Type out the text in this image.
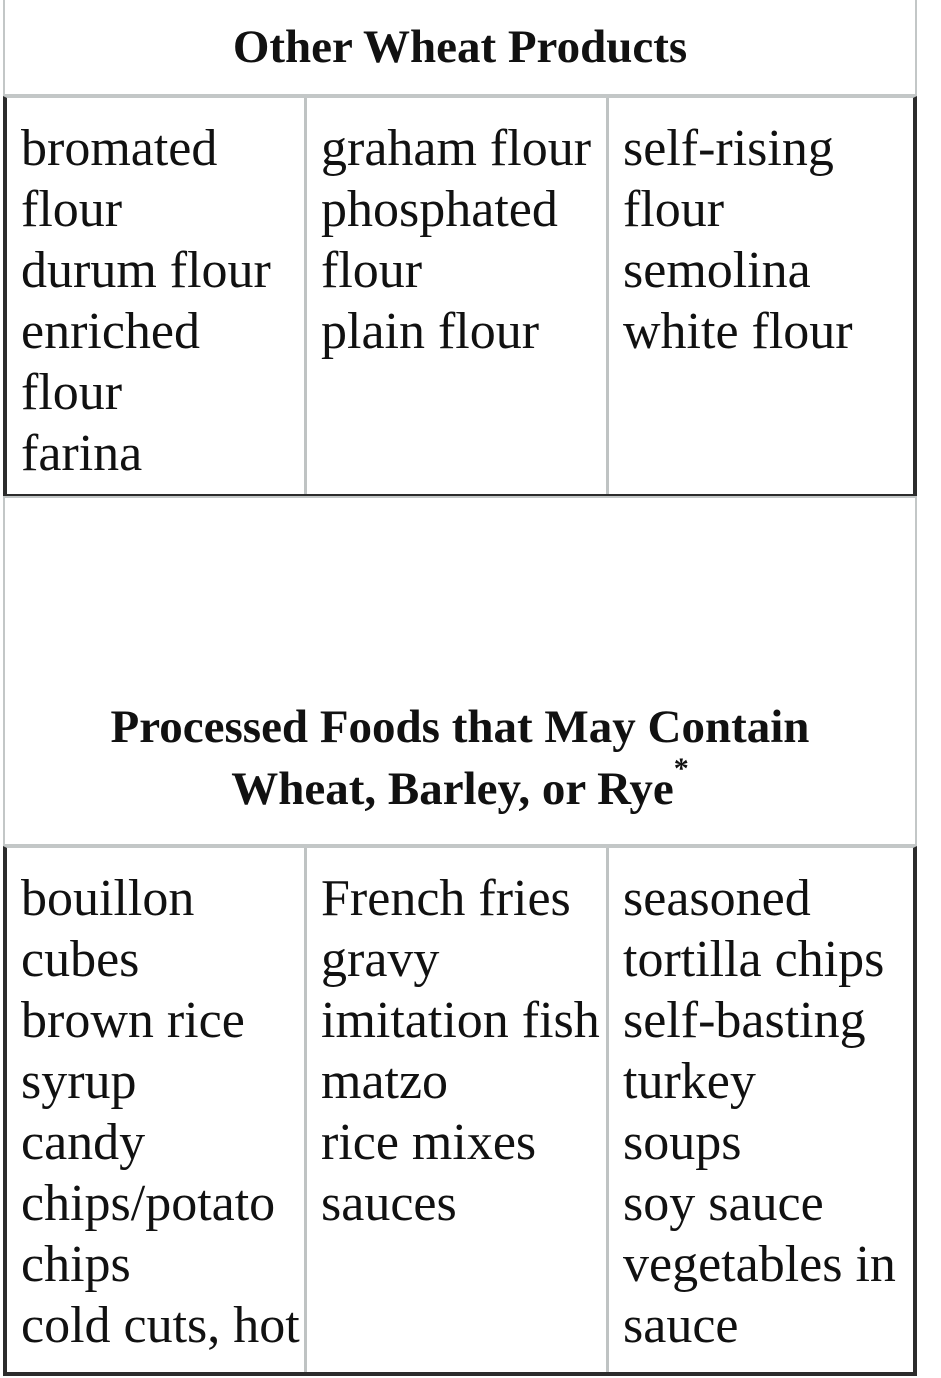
Other Wheat Products
bromated
flour
durum flour
enriched
flour
farina
graham flour
phosphated
flour
plain flour
self-rising
flour
semolina
white flour
Processed Foods that May Contain
Wheat, Barley, or Rye*
bouillon
cubes
brown rice
syrup
candy
chips/potato
chips
cold cuts, hot
French fries
gravy
imitation fish
matzo
rice mixes
sauces
seasoned
tortilla chips
self-basting
turkey
soups
soy sauce
vegetables in
sauce
